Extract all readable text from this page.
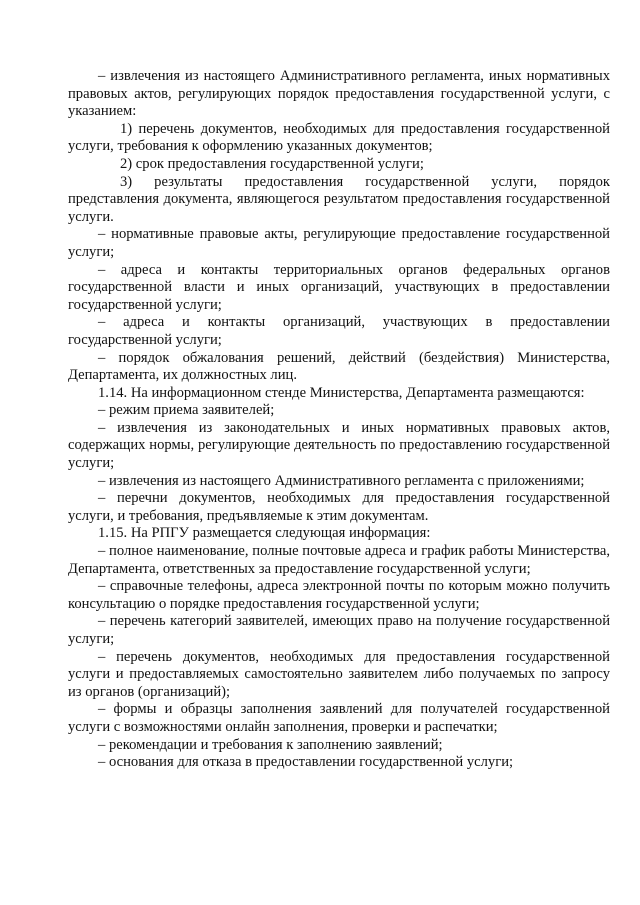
– извлечения из настоящего Административного регламента, иных нормативных правовых актов, регулирующих порядок предоставления государственной услуги, с указанием:

1) перечень документов, необходимых для предоставления государственной услуги, требования к оформлению указанных документов;

2) срок предоставления государственной услуги;

3) результаты предоставления государственной услуги, порядок представления документа, являющегося результатом предоставления государственной услуги.

– нормативные правовые акты, регулирующие предоставление государственной услуги;

– адреса и контакты территориальных органов федеральных органов государственной власти и иных организаций, участвующих в предоставлении государственной услуги;

– адреса и контакты организаций, участвующих в предоставлении государственной услуги;

– порядок обжалования решений, действий (бездействия) Министерства, Департамента, их должностных лиц.

1.14. На информационном стенде Министерства, Департамента размещаются:

– режим приема заявителей;

– извлечения из законодательных и иных нормативных правовых актов, содержащих нормы, регулирующие деятельность по предоставлению государственной услуги;

– извлечения из настоящего Административного регламента с приложениями;

– перечни документов, необходимых для предоставления государственной услуги, и требования, предъявляемые к этим документам.

1.15. На РПГУ размещается следующая информация:

– полное наименование, полные почтовые адреса и график работы Министерства, Департамента, ответственных за предоставление государственной услуги;

– справочные телефоны, адреса электронной почты по которым можно получить консультацию о порядке предоставления государственной услуги;

– перечень категорий заявителей, имеющих право на получение государственной услуги;

– перечень документов, необходимых для предоставления государственной услуги и предоставляемых самостоятельно заявителем либо получаемых по запросу из органов (организаций);

– формы и образцы заполнения заявлений для получателей государственной услуги с возможностями онлайн заполнения, проверки и распечатки;

– рекомендации и требования к заполнению заявлений;

– основания для отказа в предоставлении государственной услуги;
